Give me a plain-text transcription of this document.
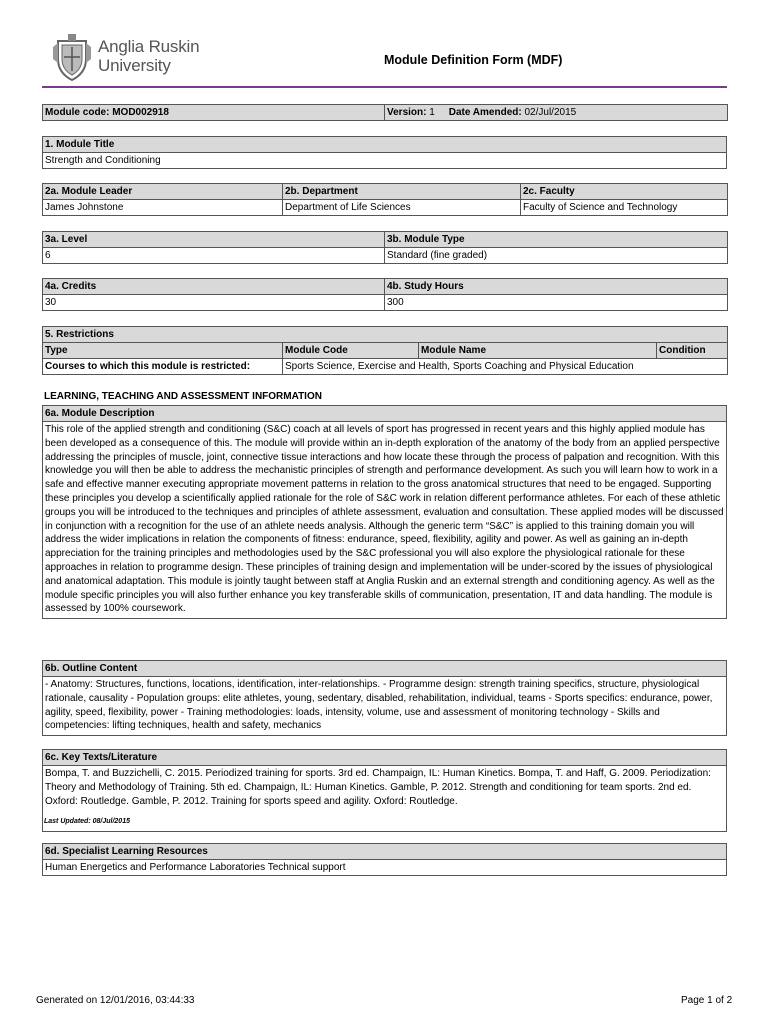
Anglia Ruskin
University	Module Definition Form (MDF)
Module code: MOD002918	Version: 1 Date Amended: 02/Jul/2015
1. Module Title
Strength and Conditioning
2a. Module Leader	2b. Department	2c. Faculty
James Johnstone	Department of Life Sciences	Faculty of Science and Technology
3a. Level	3b. Module Type
6	Standard (fine graded)
4a. Credits	4b. Study Hours
30	300
5. Restrictions			
Type	Module Code	Module Name	Condition
Courses to which this module is restricted:	Sports Science, Exercise and Health, Sports Coaching and Physical Education		
LEARNING, TEACHING AND ASSESSMENT INFORMATION
6a. Module Description
This role of the applied strength and conditioning (S&C) coach at all levels of sport has progressed in recent years and this highly applied module has been developed as a consequence of this. The module will provide within an in-depth exploration of the anatomy of the body from an applied perspective addressing the principles of muscle, joint, connective tissue interactions and how locate these through the process of palpation and recognition. With this knowledge you will then be able to address the mechanistic principles of strength and performance development. As such you will learn how to work in a safe and effective manner executing appropriate movement patterns in relation to the gross anatomical structures that need to be engaged. Supporting these principles you develop a scientifically applied rationale for the role of S&C work in relation different performance athletes. For each of these athletic groups you will be introduced to the techniques and principles of athlete assessment, evaluation and consultation. These applied modes will be discussed in conjunction with a recognition for the use of an athlete needs analysis. Although the generic term “S&C” is applied to this training domain you will address the wider implications in relation the components of fitness: endurance, speed, flexibility, agility and power. As well as gaining an in-depth appreciation for the training principles and methodologies used by the S&C professional you will also explore the physiological rationale for these approaches in relation to programme design. These principles of training design and implementation will be under-scored by the issues of physiological and anatomical adaptation. This module is jointly taught between staff at Anglia Ruskin and an external strength and conditioning agency. As well as the module specific principles you will also further enhance you key transferable skills of communication, presentation, IT and data handling. The module is assessed by 100% coursework.
6b. Outline Content
- Anatomy: Structures, functions, locations, identification, inter-relationships. - Programme design: strength training specifics, structure, physiological rationale, causality - Population groups: elite athletes, young, sedentary, disabled, rehabilitation, individual, teams - Sports specifics: endurance, power, agility, speed, flexibility, power - Training methodologies: loads, intensity, volume, use and assessment of monitoring technology - Skills and competencies: lifting techniques, health and safety, mechanics
6c. Key Texts/Literature
Bompa, T. and Buzzichelli, C. 2015. Periodized training for sports. 3rd ed. Champaign, IL: Human Kinetics. Bompa, T. and Haff, G. 2009. Periodization: Theory and Methodology of Training. 5th ed. Champaign, IL: Human Kinetics. Gamble, P. 2012. Strength and conditioning for team sports. 2nd ed. Oxford: Routledge. Gamble, P. 2012. Training for sports speed and agility. Oxford: Routledge.
Last Updated: 08/Jul/2015
6d. Specialist Learning Resources
Human Energetics and Performance Laboratories Technical support
Generated on 12/01/2016, 03:44:33	Page 1 of 2
